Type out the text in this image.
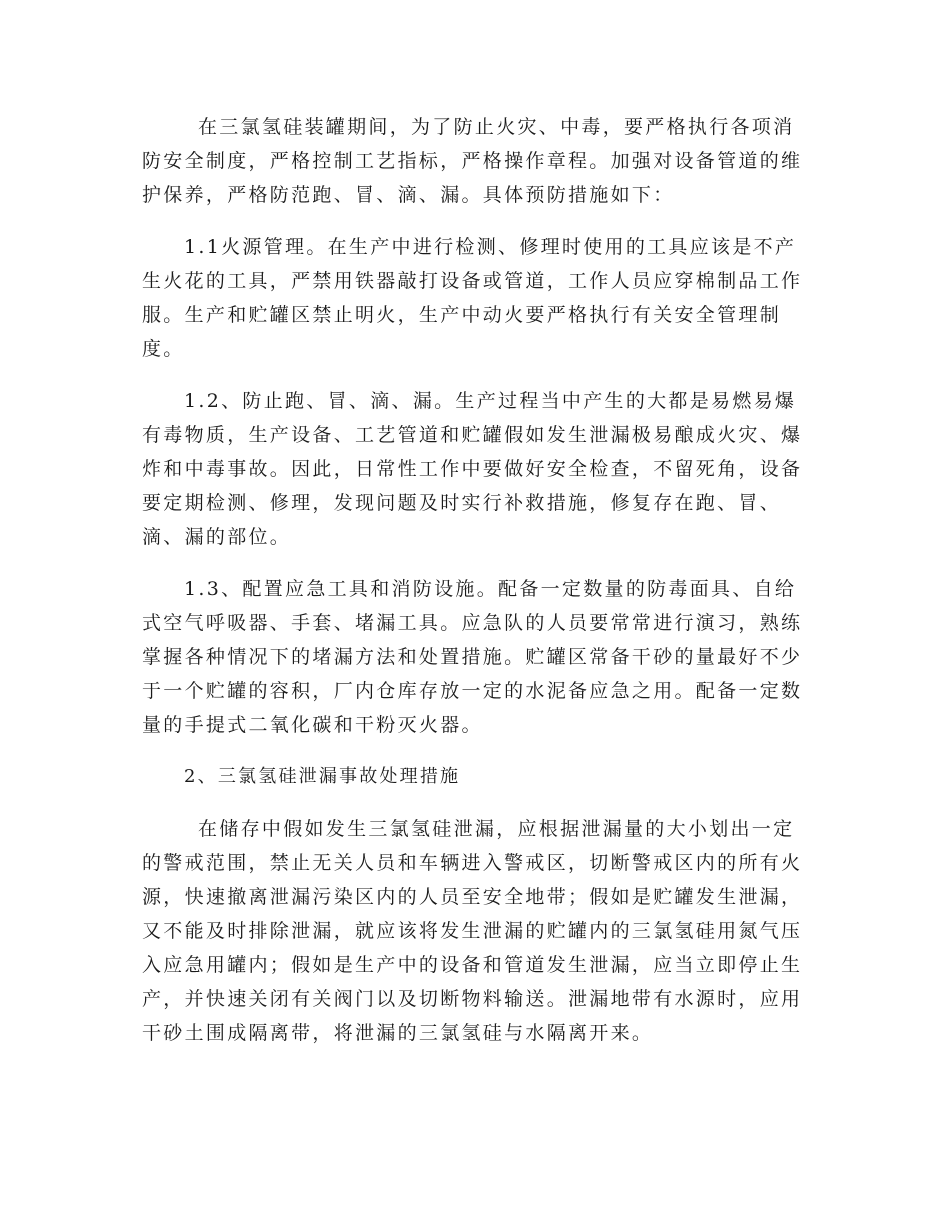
在三氯氢硅装罐期间，为了防止火灾、中毒，要严格执行各项消防安全制度，严格控制工艺指标，严格操作章程。加强对设备管道的维护保养，严格防范跑、冒、滴、漏。具体预防措施如下：

1.1火源管理。在生产中进行检测、修理时使用的工具应该是不产生火花的工具，严禁用铁器敲打设备或管道，工作人员应穿棉制品工作服。生产和贮罐区禁止明火，生产中动火要严格执行有关安全管理制度。

1.2、防止跑、冒、滴、漏。生产过程当中产生的大都是易燃易爆有毒物质，生产设备、工艺管道和贮罐假如发生泄漏极易酿成火灾、爆炸和中毒事故。因此，日常性工作中要做好安全检查，不留死角，设备要定期检测、修理，发现问题及时实行补救措施，修复存在跑、冒、滴、漏的部位。

1.3、配置应急工具和消防设施。配备一定数量的防毒面具、自给式空气呼吸器、手套、堵漏工具。应急队的人员要常常进行演习，熟练掌握各种情况下的堵漏方法和处置措施。贮罐区常备干砂的量最好不少于一个贮罐的容积，厂内仓库存放一定的水泥备应急之用。配备一定数量的手提式二氧化碳和干粉灭火器。

2、三氯氢硅泄漏事故处理措施

在储存中假如发生三氯氢硅泄漏，应根据泄漏量的大小划出一定的警戒范围，禁止无关人员和车辆进入警戒区，切断警戒区内的所有火源，快速撤离泄漏污染区内的人员至安全地带；假如是贮罐发生泄漏，又不能及时排除泄漏，就应该将发生泄漏的贮罐内的三氯氢硅用氮气压入应急用罐内；假如是生产中的设备和管道发生泄漏，应当立即停止生产，并快速关闭有关阀门以及切断物料输送。泄漏地带有水源时，应用干砂土围成隔离带，将泄漏的三氯氢硅与水隔离开来。
